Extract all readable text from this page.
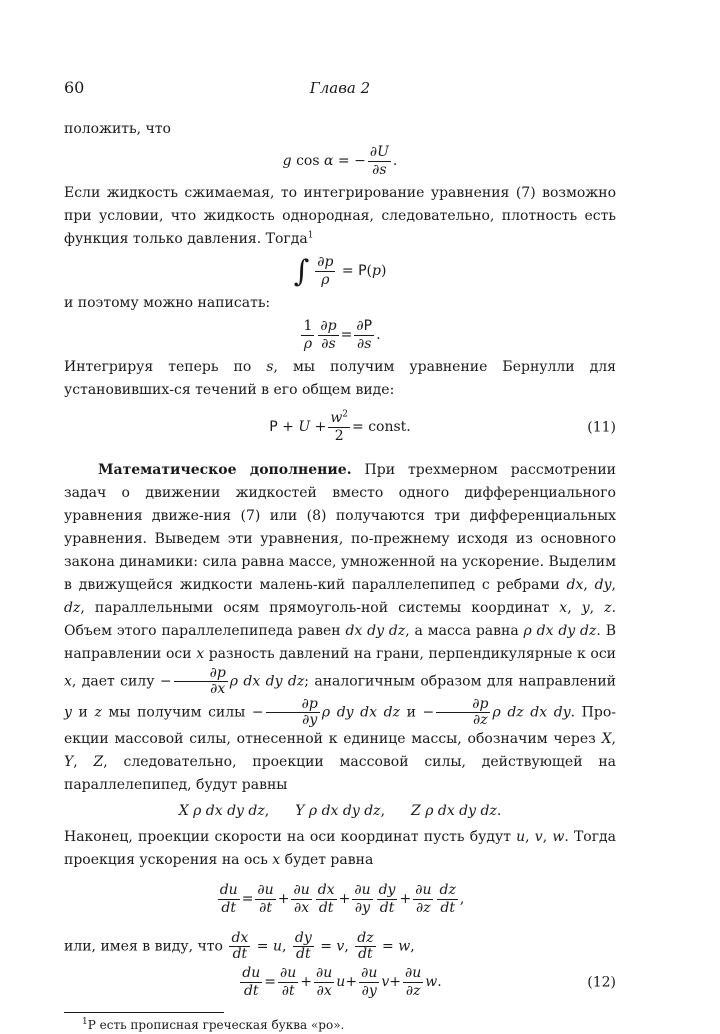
60	Глава 2

положить, что

g cos α = − $\frac{\partial U}{\partial s}$ .

Если жидкость сжимаемая, то интегрирование уравнения (7) возможно при условии, что жидкость однородная, следовательно, плотность есть функция только давления. Тогда$^1$

∫ $\frac{\partial p}{\rho} = P(p)$

и поэтому можно написать:

$\frac{1}{\rho} \frac{\partial p}{\partial s} = \frac{\partial P}{\partial s}$ .

Интегрируя теперь по s, мы получим уравнение Бернулли для установивших-ся течений в его общем виде:

$P + U + \frac{w^2}{2}$ = const.	(11)

Математическое дополнение. При трехмерном рассмотрении задач о движении жидкостей вместо одного дифференциального уравнения движе-ния (7) или (8) получаются три дифференциальных уравнения. Выведем эти уравнения, по-прежнему исходя из основного закона динамики: сила равна массе, умноженной на ускорение. Выделим в движущейся жидкости малень-кий параллелепипед с ребрами dx, dy, dz, параллельными осям прямоуголь-ной системы координат x, y, z. Объем этого параллелепипеда равен dx dy dz, а масса равна ρ dx dy dz. В направлении оси x разность давлений на грани, перпендикулярные к оси x, дает силу − $\frac{\partial p}{\partial x}$ ρ dx dy dz; аналогичным образом для направлений y и z мы получим силы − $\frac{\partial p}{\partial y}$ ρ dy dx dz $и - \frac{\partial p}{\partial z}$ ρ dz dx dy. Про-екции массовой силы, отнесенной к единице массы, обозначим через X, Y, Z, следовательно, проекции массовой силы, действующей на параллелепипед, будут равны

X ρ dx dy dz, Y ρ dx dy dz, Z ρ dx dy dz.

Наконец, проекции скорости на оси координат пусть будут u, v, w. Тогда проекция ускорения на ось x будет равна

$\frac{du}{dt} = \frac{\partial u}{\partial t} + \frac{\partial u}{\partial x} \frac{dx}{dt} + \frac{\partial u}{\partial y} \frac{dy}{dt} + \frac{\partial u}{\partial z} \frac{dz}{dt}$ ,

или, имея в виду, что $\frac{dx}{dt} = u$, $\frac{dy}{dt} = v$, $\frac{dz}{dt} = w$,

$\frac{du}{dt} = \frac{\partial u}{\partial t} + \frac{\partial u}{\partial x}$ $u + \frac{\partial u}{\partial y}$ $v + \frac{\partial u}{\partial z}$ w .	(12)
$^1$P есть прописная греческая буква «ро».
